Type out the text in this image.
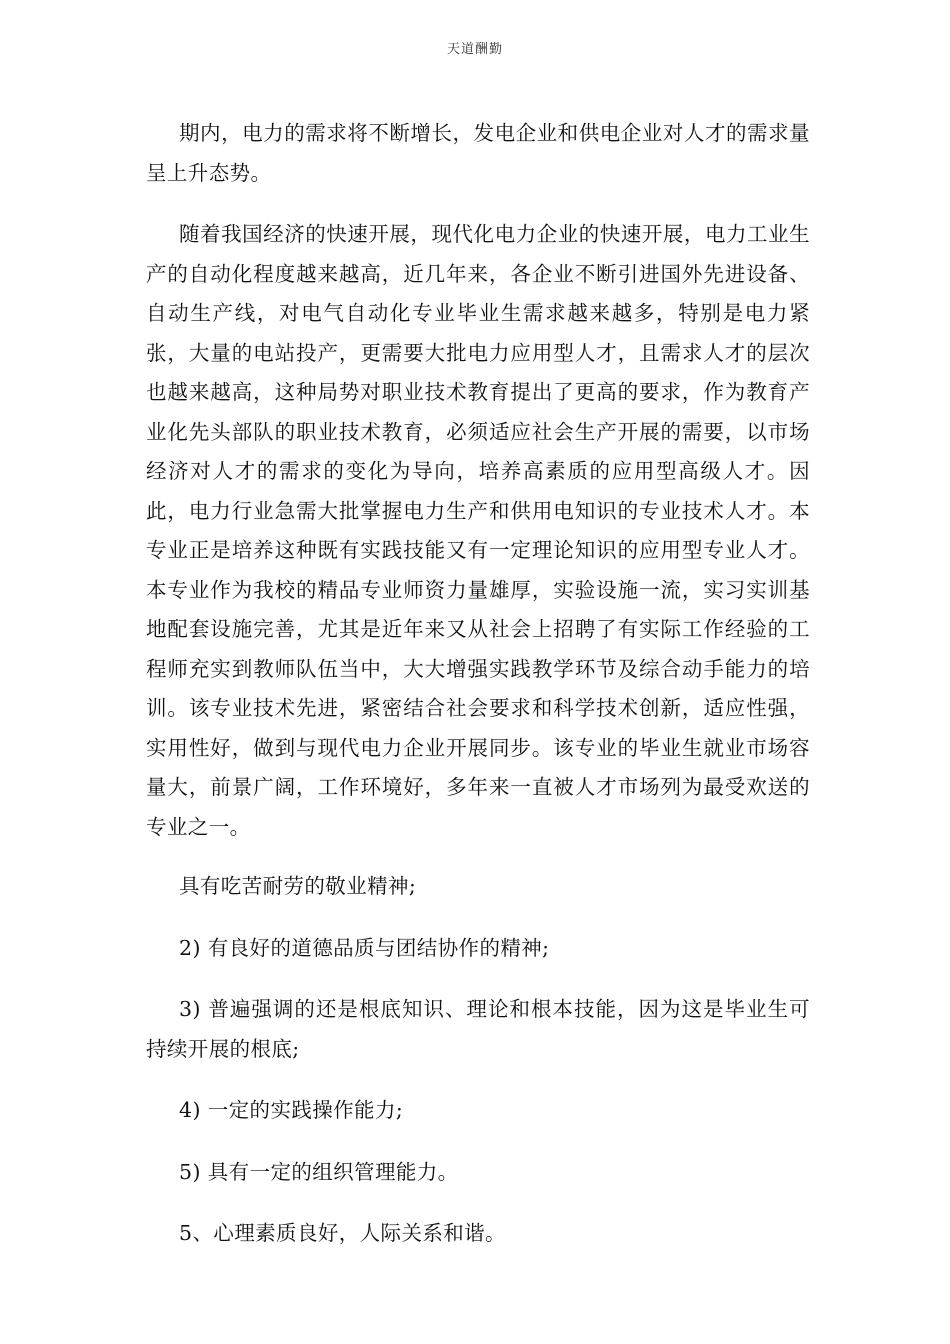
天道酬勤

期内，电力的需求将不断增长，发电企业和供电企业对人才的需求量呈上升态势。

随着我国经济的快速开展，现代化电力企业的快速开展，电力工业生产的自动化程度越来越高，近几年来，各企业不断引进国外先进设备、自动生产线，对电气自动化专业毕业生需求越来越多，特别是电力紧张，大量的电站投产，更需要大批电力应用型人才，且需求人才的层次也越来越高，这种局势对职业技术教育提出了更高的要求，作为教育产业化先头部队的职业技术教育，必须适应社会生产开展的需要，以市场经济对人才的需求的变化为导向，培养高素质的应用型高级人才。因此，电力行业急需大批掌握电力生产和供用电知识的专业技术人才。本专业正是培养这种既有实践技能又有一定理论知识的应用型专业人才。本专业作为我校的精品专业师资力量雄厚，实验设施一流，实习实训基地配套设施完善，尤其是近年来又从社会上招聘了有实际工作经验的工程师充实到教师队伍当中，大大增强实践教学环节及综合动手能力的培训。该专业技术先进，紧密结合社会要求和科学技术创新，适应性强，实用性好，做到与现代电力企业开展同步。该专业的毕业生就业市场容量大，前景广阔，工作环境好，多年来一直被人才市场列为最受欢送的专业之一。

具有吃苦耐劳的敬业精神;

2) 有良好的道德品质与团结协作的精神;

3) 普遍强调的还是根底知识、理论和根本技能，因为这是毕业生可持续开展的根底;

4) 一定的实践操作能力;

5) 具有一定的组织管理能力。

5、心理素质良好，人际关系和谐。
